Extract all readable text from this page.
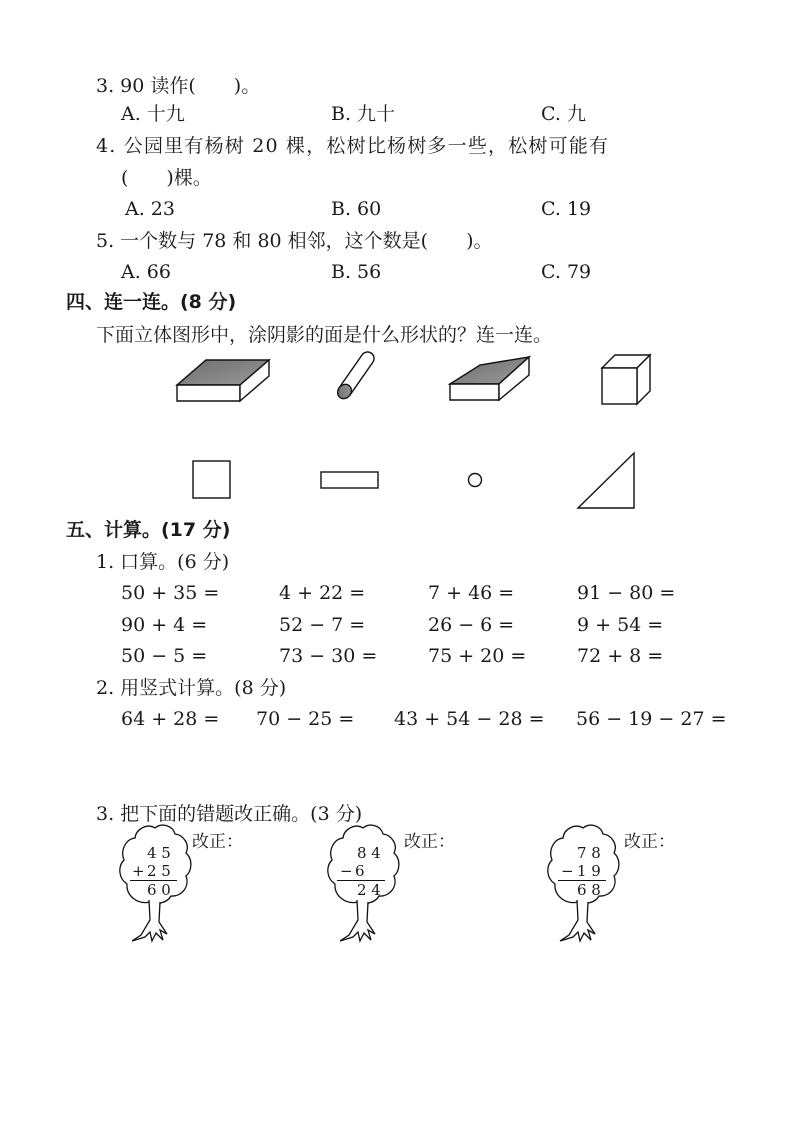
3. 90 读作(　　)。
A. 十九	B. 九十	C. 九
4. 公园里有杨树 20 棵，松树比杨树多一些，松树可能有
(　　)棵。
A. 23	B. 60	C. 19
5. 一个数与 78 和 80 相邻，这个数是(　　)。
A. 66	B. 56	C. 79
四、连一连。(8 分)
下面立体图形中，涂阴影的面是什么形状的？连一连。
五、计算。(17 分)
1. 口算。(6 分)
50 + 35 =	4 + 22 =	7 + 46 =	91 − 80 =
90 + 4 =	52 − 7 =	26 − 6 =	9 + 54 =
50 − 5 =	73 − 30 =	75 + 20 =	72 + 8 =
2. 用竖式计算。(8 分)
64 + 28 = 70 − 25 = 43 + 54 − 28 = 56 − 19 − 27 =
3. 把下面的错题改正确。(3 分)
4 5
+ 2 5
6 0
改正：
8 4
− 6
2 4
改正：
7 8
− 1 9
6 8
改正：
